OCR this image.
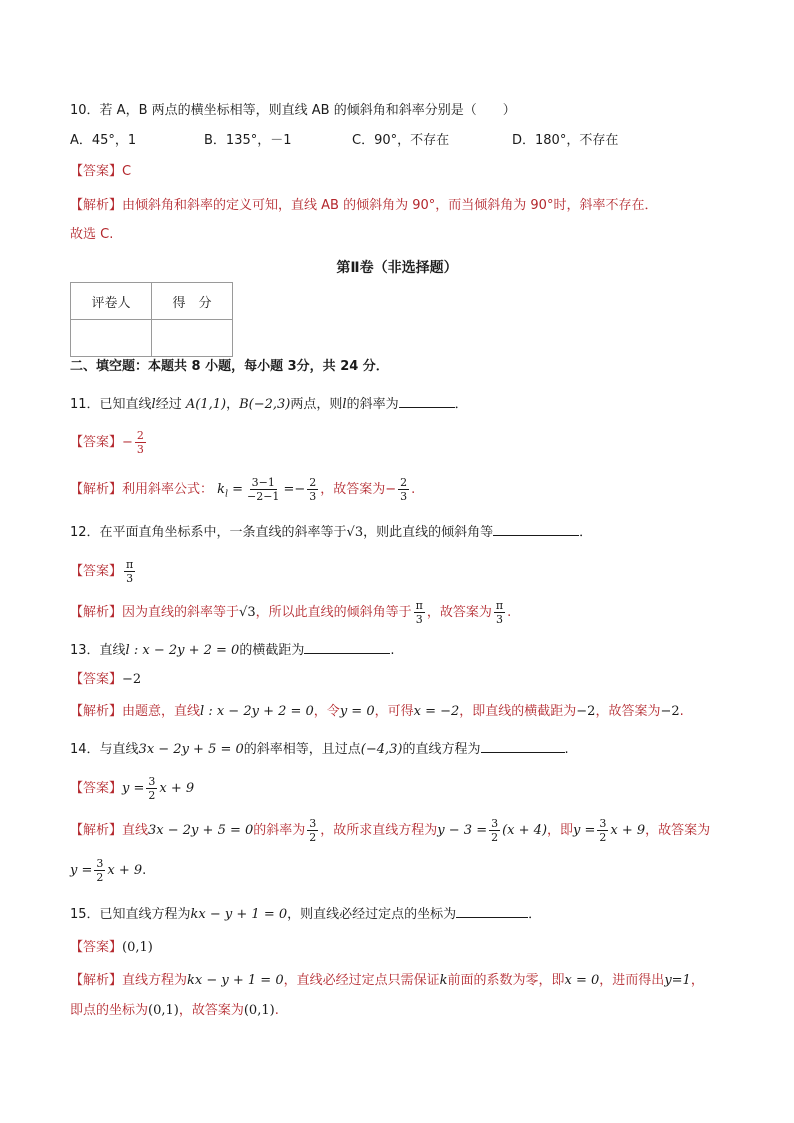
10．若 A，B 两点的横坐标相等，则直线 AB 的倾斜角和斜率分别是（　　）
A．45°，1	B．135°，－1	C．90°，不存在	D．180°，不存在
【答案】C
【解析】由倾斜角和斜率的定义可知，直线 AB 的倾斜角为 90°，而当倾斜角为 90°时，斜率不存在．
故选 C.
第Ⅱ卷（非选择题）
评卷人	得　分

二、填空题：本题共 8 小题，每小题 3分，共 24 分．
11．已知直线l经过 A(1,1)，B(−2,3)两点，则l的斜率为	．
【答案】− $\frac{2}{3}$
【解析】利用斜率公式： $k_l = \frac{3-1}{-2-1} =- \frac{2}{3}$ ，故答案为− $\frac{2}{3}$ .
12．在平面直角坐标系中，一条直线的斜率等于√3，则此直线的倾斜角等	．
【答案】 $\frac{\pi}{3}$
【解析】因为直线的斜率等于√3，所以此直线的倾斜角等于 $\frac{\pi}{3}$ ，故答案为 $\frac{\pi}{3}$ .
13．直线l : x − 2y + 2 = 0的横截距为	.
【答案】−2
【解析】由题意，直线l : x − 2y + 2 = 0，令y = 0，可得x = −2，即直线的横截距为−2，故答案为−2.
14．与直线3x − 2y + 5 = 0的斜率相等，且过点(−4,3)的直线方程为	.
【答案】$y = \frac{3}{2}$ x + 9
【解析】直线3x − 2y + 5 = 0的斜率为 $\frac{3}{2}$ ，故所求直线方程为$y - 3 = \frac{3}{2} (x + 4)$，即$y = \frac{3}{2}$ x + 9，故答案为
$y = \frac{3}{2}$ x + 9.
15．已知直线方程为kx − y + 1 = 0，则直线必经过定点的坐标为	．
【答案】(0,1)
【解析】直线方程为kx − y + 1 = 0，直线必经过定点只需保证k前面的系数为零，即x = 0，进而得出y=1，
即点的坐标为(0,1)，故答案为(0,1).
